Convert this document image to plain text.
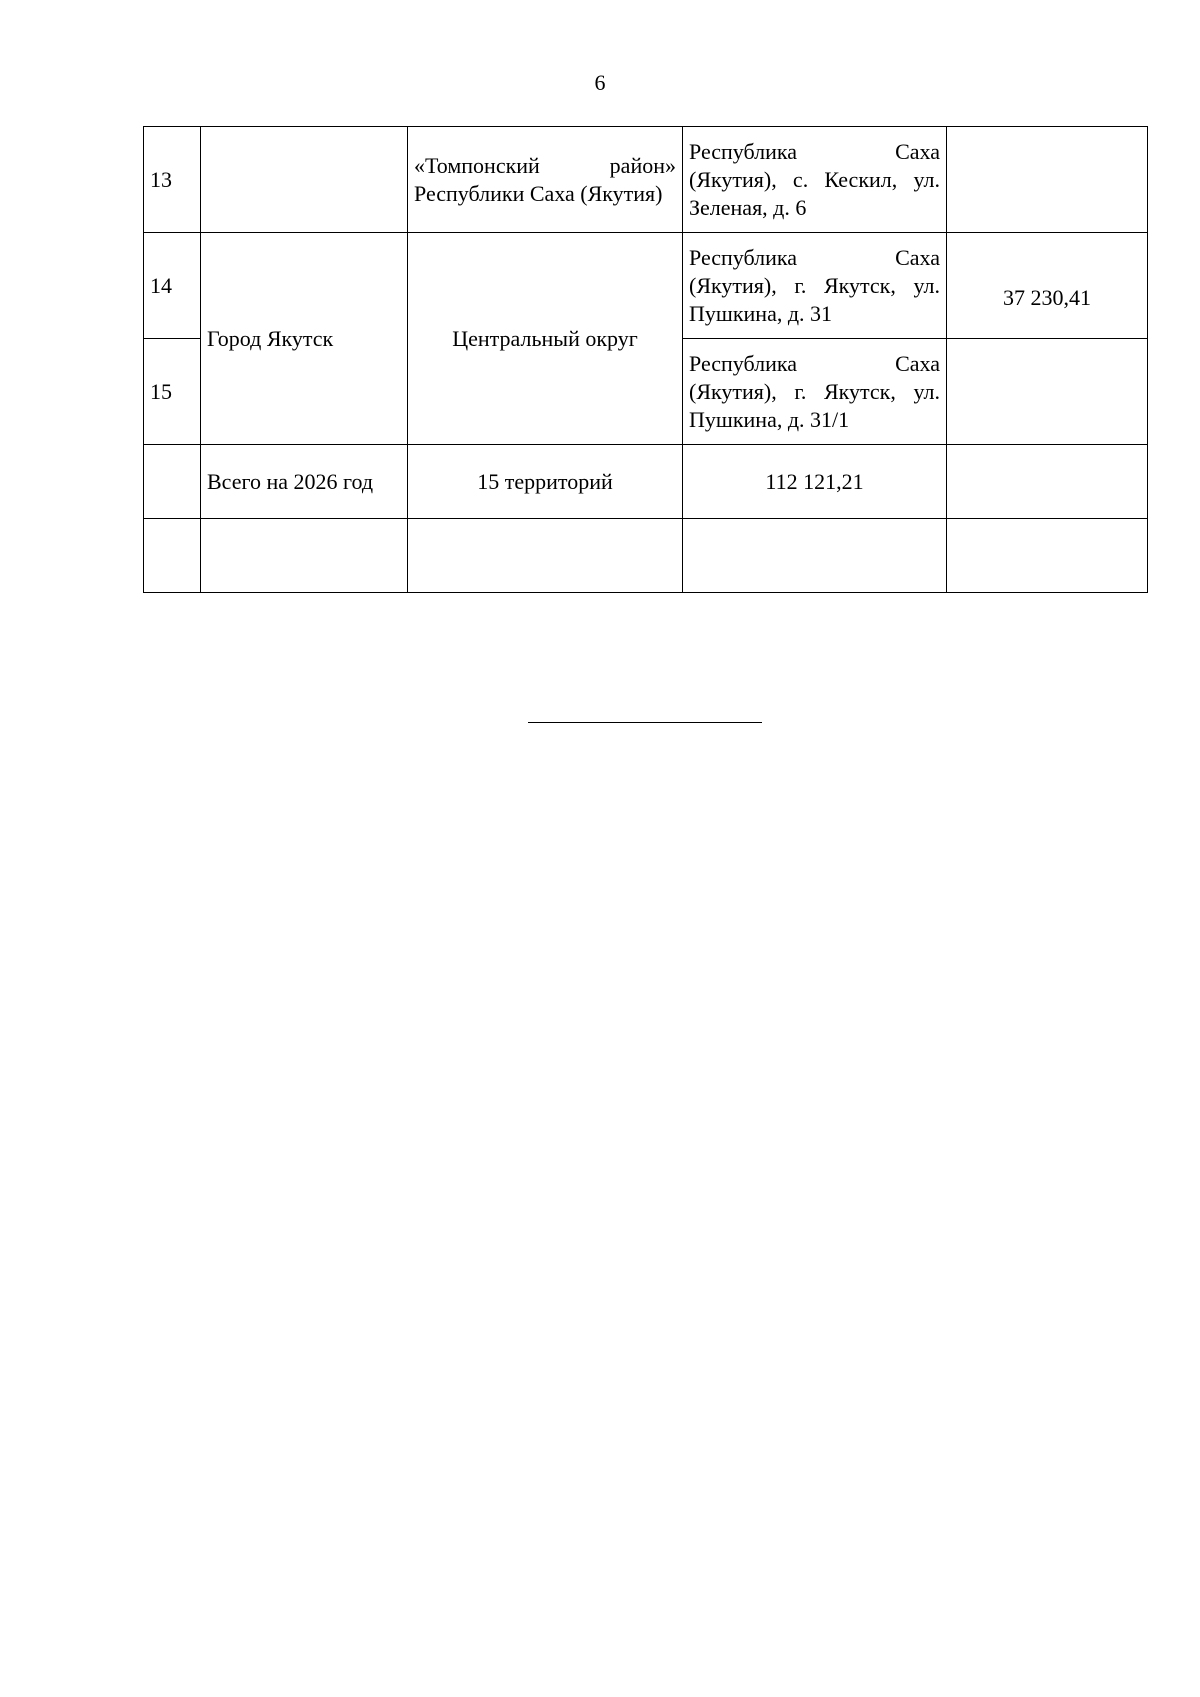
6
13		«Томпонский район» Республики Саха (Якутия)	Республика Саха (Якутия), с. Кескил, ул. Зеленая, д. 6	
14	Город Якутск	Центральный округ	Республика Саха (Якутия), г. Якутск, ул. Пушкина, д. 31	37 230,41
15			Республика Саха (Якутия), г. Якутск, ул. Пушкина, д. 31/1	
	Всего на 2026 год	15 территорий	112 121,21	
